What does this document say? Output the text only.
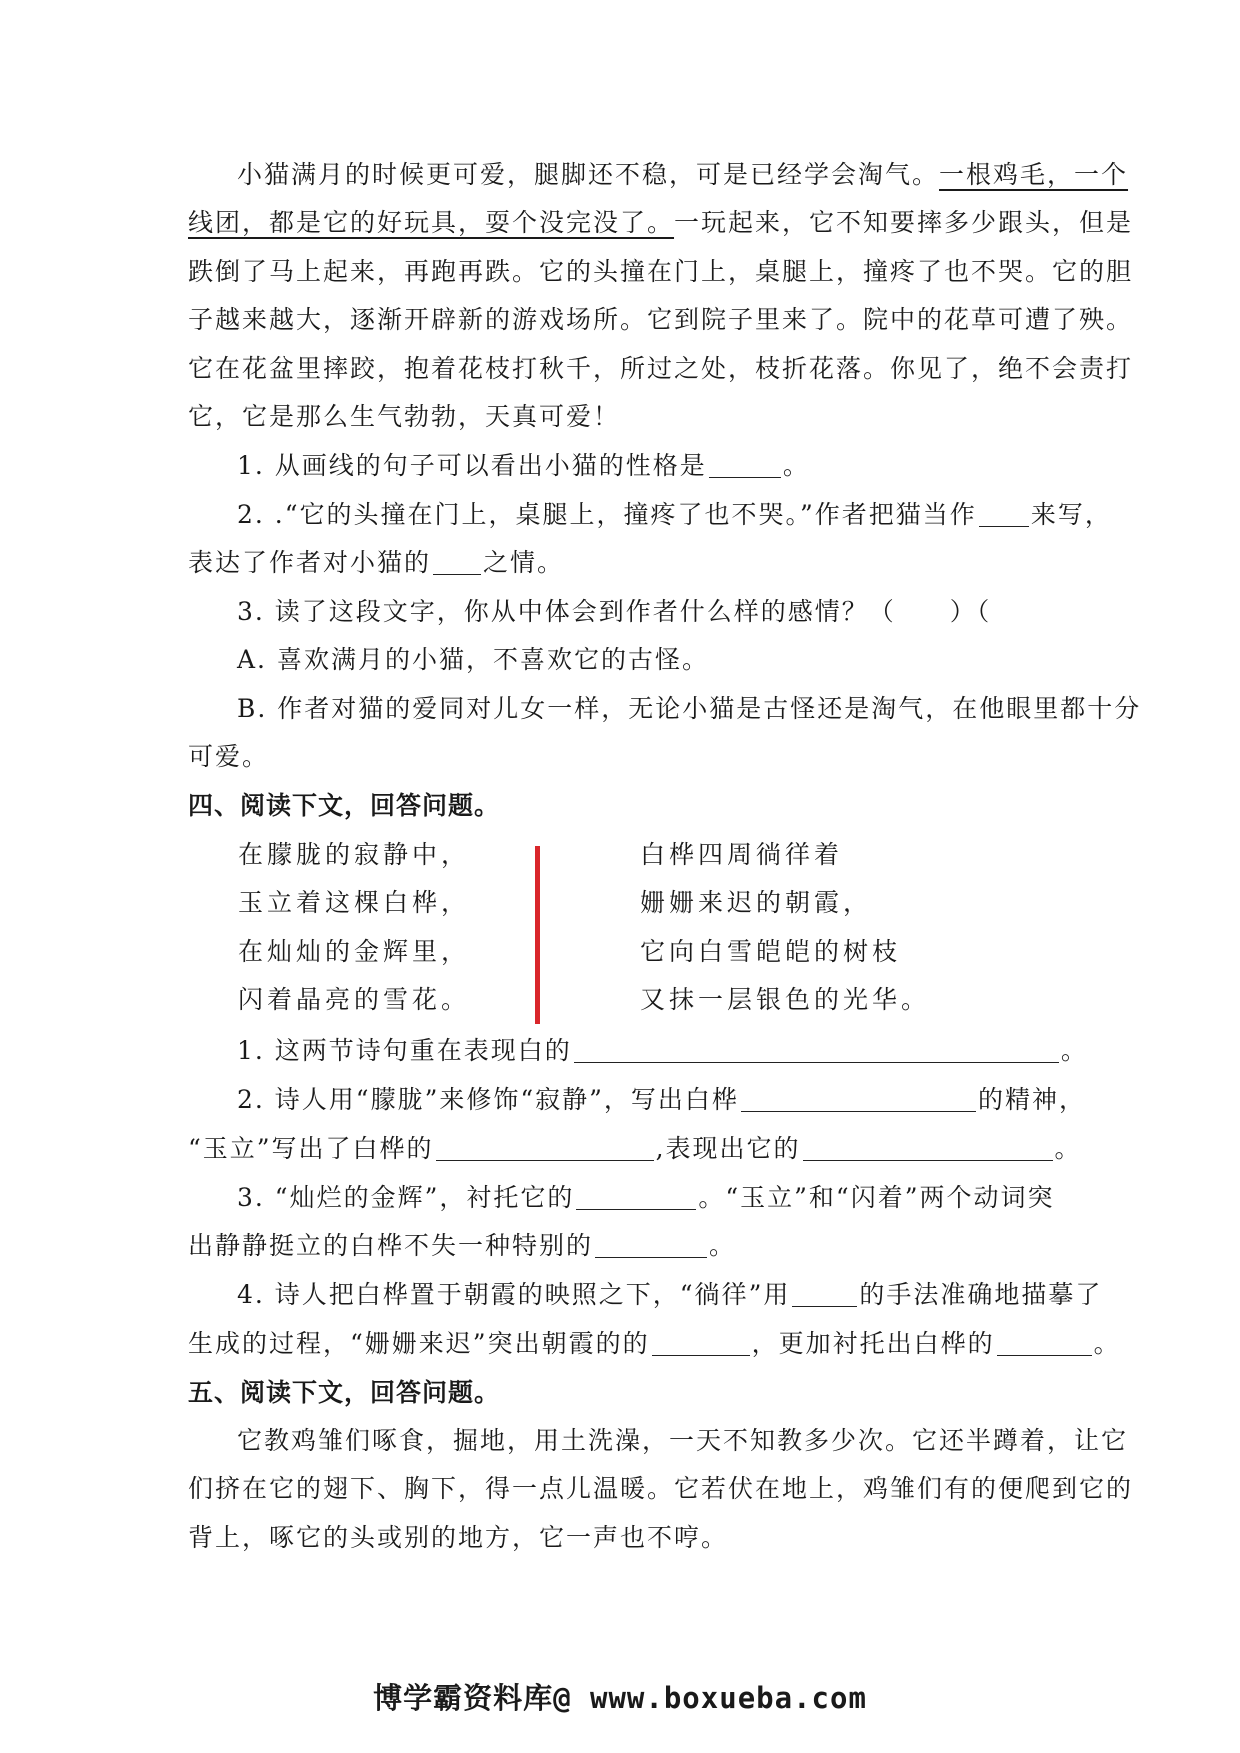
小猫满月的时候更可爱，腿脚还不稳，可是已经学会淘气。一根鸡毛，一个
线团，都是它的好玩具，耍个没完没了。一玩起来，它不知要摔多少跟头，但是
跌倒了马上起来，再跑再跌。它的头撞在门上，桌腿上，撞疼了也不哭。它的胆
子越来越大，逐渐开辟新的游戏场所。它到院子里来了。院中的花草可遭了殃。
它在花盆里摔跤，抱着花枝打秋千，所过之处，枝折花落。你见了，绝不会责打
它，它是那么生气勃勃，天真可爱！
1. 从画线的句子可以看出小猫的性格是	。
2. .“它的头撞在门上，桌腿上，撞疼了也不哭。”作者把猫当作 来写，
表达了作者对小猫的 之情。
3. 读了这段文字，你从中体会到作者什么样的感情？（　　）（
A. 喜欢满月的小猫，不喜欢它的古怪。
B. 作者对猫的爱同对儿女一样，无论小猫是古怪还是淘气，在他眼里都十分
可爱。
四、阅读下文，回答问题。
在朦胧的寂静中，
玉立着这棵白桦，
在灿灿的金辉里，
闪着晶亮的雪花。
白桦四周徜徉着
姗姗来迟的朝霞，
它向白雪皑皑的树枝
又抹一层银色的光华。
1. 这两节诗句重在表现白的	。
2. 诗人用“朦胧”来修饰“寂静”，写出白桦	的精神，
“玉立”写出了白桦的	,表现出它的	。
3. “灿烂的金辉”，衬托它的	。“玉立”和“闪着”两个动词突
出静静挺立的白桦不失一种特别的	。
4. 诗人把白桦置于朝霞的映照之下，“徜徉”用	的手法准确地描摹了
生成的过程，“姗姗来迟”突出朝霞的的	，更加衬托出白桦的	。
五、阅读下文，回答问题。
它教鸡雏们啄食，掘地，用土洗澡，一天不知教多少次。它还半蹲着，让它
们挤在它的翅下、胸下，得一点儿温暖。它若伏在地上，鸡雏们有的便爬到它的
背上，啄它的头或别的地方，它一声也不哼。
博学霸资料库@ www.boxueba.com
